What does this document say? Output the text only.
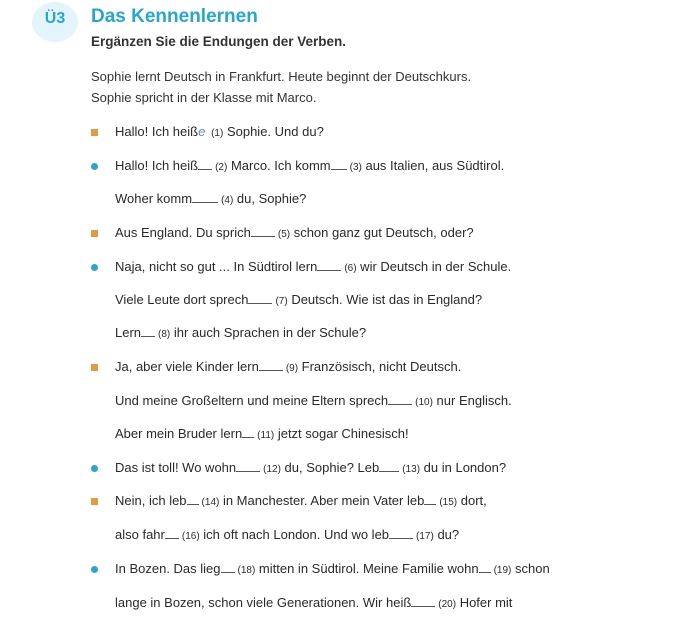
Ü3	Das Kennenlernen
Ergänzen Sie die Endungen der Verben.
Sophie lernt Deutsch in Frankfurt. Heute beginnt der Deutschkurs.
Sophie spricht in der Klasse mit Marco.
Hallo! Ich heiße (1) Sophie. Und du?
Hallo! Ich heiß (2) Marco. Ich komm (3) aus Italien, aus Südtirol.
Woher komm	(4) du, Sophie?
Aus England. Du sprich	(5) schon ganz gut Deutsch, oder?
Naja, nicht so gut ... In Südtirol lern	(6) wir Deutsch in der Schule.
Viele Leute dort sprech	(7) Deutsch. Wie ist das in England?
Lern (8) ihr auch Sprachen in der Schule?
Ja, aber viele Kinder lern	(9) Französisch, nicht Deutsch.
Und meine Großeltern und meine Eltern sprech	(10) nur Englisch.
Aber mein Bruder lern (11) jetzt sogar Chinesisch!
Das ist toll! Wo wohn	(12) du, Sophie? Leb (13) du in London?
Nein, ich leb (14) in Manchester. Aber mein Vater leb (15) dort,
also fahr (16) ich oft nach London. Und wo leb	(17) du?
In Bozen. Das lieg (18) mitten in Südtirol. Meine Familie wohn (19) schon
lange in Bozen, schon viele Generationen. Wir heiß	(20) Hofer mit
